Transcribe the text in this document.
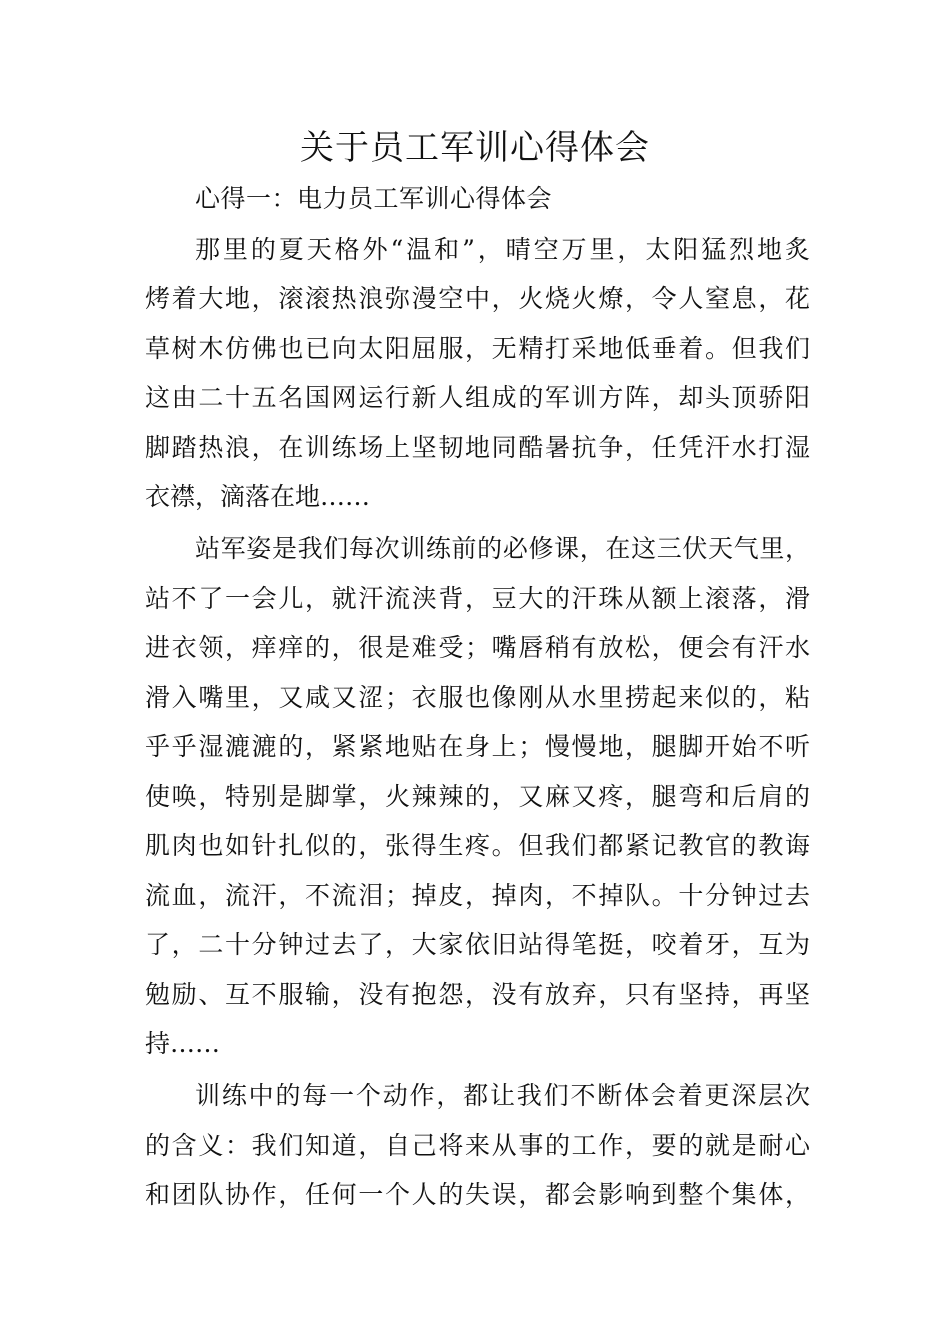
关于员工军训心得体会
心得一：电力员工军训心得体会
那里的夏天格外“温和”，晴空万里，太阳猛烈地炙
烤着大地，滚滚热浪弥漫空中，火烧火燎，令人窒息，花
草树木仿佛也已向太阳屈服，无精打采地低垂着。但我们
这由二十五名国网运行新人组成的军训方阵，却头顶骄阳
脚踏热浪，在训练场上坚韧地同酷暑抗争，任凭汗水打湿
衣襟，滴落在地……
站军姿是我们每次训练前的必修课，在这三伏天气里，
站不了一会儿，就汗流浃背，豆大的汗珠从额上滚落，滑
进衣领，痒痒的，很是难受；嘴唇稍有放松，便会有汗水
滑入嘴里，又咸又涩；衣服也像刚从水里捞起来似的，粘
乎乎湿漉漉的，紧紧地贴在身上；慢慢地，腿脚开始不听
使唤，特别是脚掌，火辣辣的，又麻又疼，腿弯和后肩的
肌肉也如针扎似的，张得生疼。但我们都紧记教官的教诲
流血，流汗，不流泪；掉皮，掉肉，不掉队。十分钟过去
了，二十分钟过去了，大家依旧站得笔挺，咬着牙，互为
勉励、互不服输，没有抱怨，没有放弃，只有坚持，再坚
持……
训练中的每一个动作，都让我们不断体会着更深层次
的含义：我们知道，自己将来从事的工作，要的就是耐心
和团队协作，任何一个人的失误，都会影响到整个集体，
